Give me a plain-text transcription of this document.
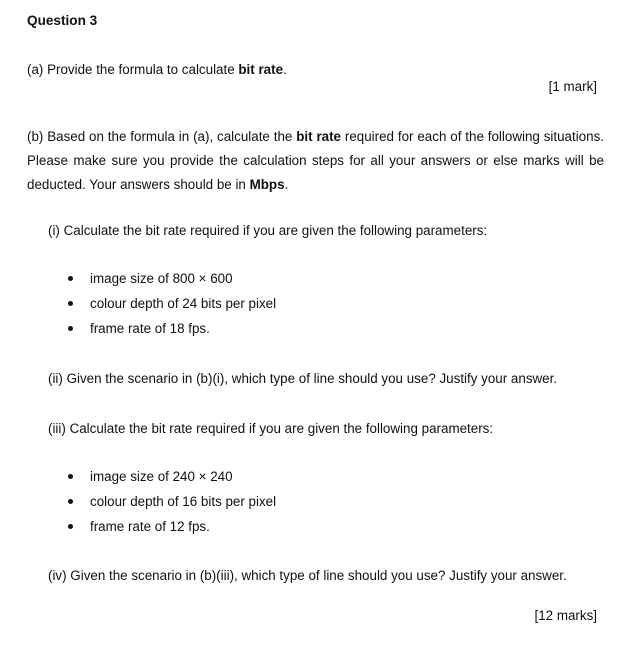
Question 3
(a) Provide the formula to calculate bit rate.
[1 mark]
(b) Based on the formula in (a), calculate the bit rate required for each of the following situations. Please make sure you provide the calculation steps for all your answers or else marks will be deducted. Your answers should be in Mbps.
(i) Calculate the bit rate required if you are given the following parameters:
image size of 800 × 600
colour depth of 24 bits per pixel
frame rate of 18 fps.
(ii) Given the scenario in (b)(i), which type of line should you use? Justify your answer.
(iii) Calculate the bit rate required if you are given the following parameters:
image size of 240 × 240
colour depth of 16 bits per pixel
frame rate of 12 fps.
(iv) Given the scenario in (b)(iii), which type of line should you use? Justify your answer.
[12 marks]
